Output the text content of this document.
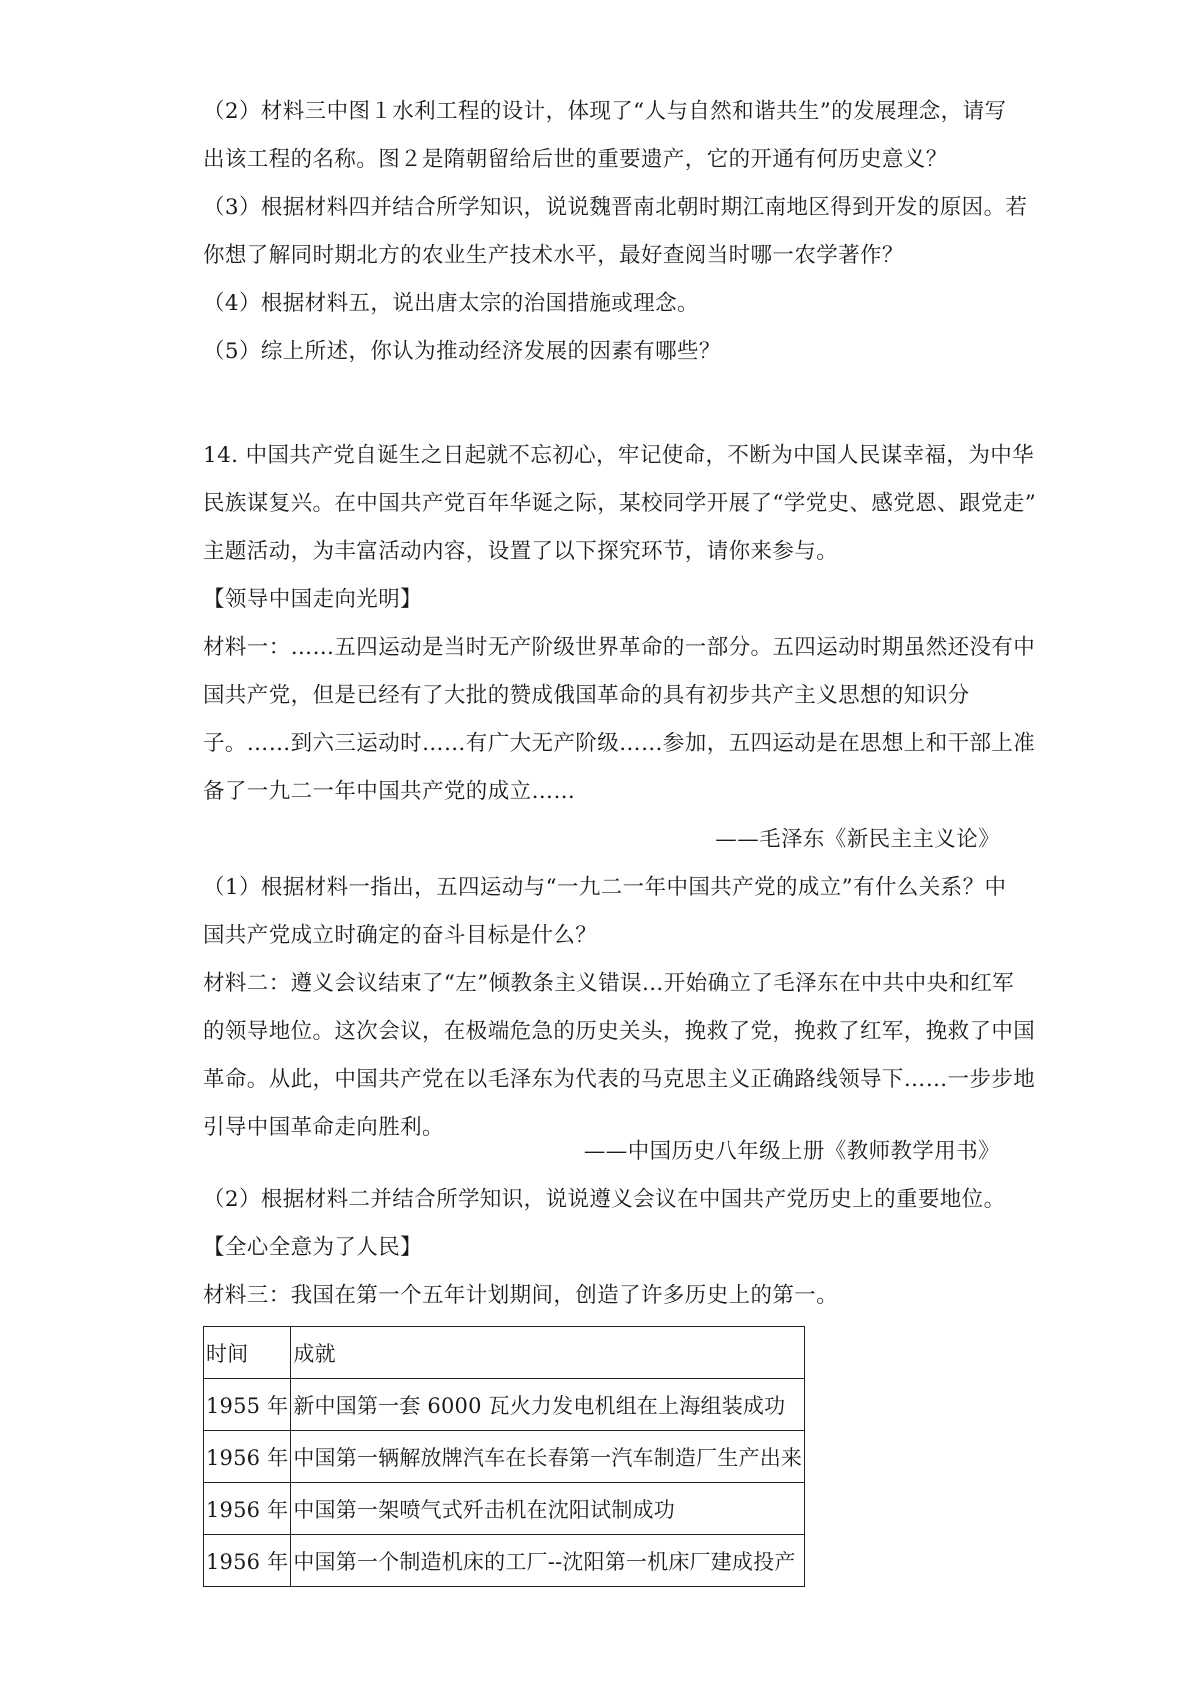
（2）材料三中图１水利工程的设计，体现了“人与自然和谐共生”的发展理念，请写
出该工程的名称。图２是隋朝留给后世的重要遗产，它的开通有何历史意义？
（3）根据材料四并结合所学知识，说说魏晋南北朝时期江南地区得到开发的原因。若
你想了解同时期北方的农业生产技术水平，最好查阅当时哪一农学著作？
（4）根据材料五，说出唐太宗的治国措施或理念。
（5）综上所述，你认为推动经济发展的因素有哪些？
14. 中国共产党自诞生之日起就不忘初心，牢记使命，不断为中国人民谋幸福，为中华
民族谋复兴。在中国共产党百年华诞之际，某校同学开展了“学党史、感党恩、跟党走”
主题活动，为丰富活动内容，设置了以下探究环节，请你来参与。
【领导中国走向光明】
材料一：……五四运动是当时无产阶级世界革命的一部分。五四运动时期虽然还没有中
国共产党，但是已经有了大批的赞成俄国革命的具有初步共产主义思想的知识分
子。……到六三运动时……有广大无产阶级……参加，五四运动是在思想上和干部上准
备了一九二一年中国共产党的成立……
——毛泽东《新民主主义论》
（1）根据材料一指出，五四运动与“一九二一年中国共产党的成立”有什么关系？中
国共产党成立时确定的奋斗目标是什么？
材料二：遵义会议结束了“左”倾教条主义错误…开始确立了毛泽东在中共中央和红军
的领导地位。这次会议，在极端危急的历史关头，挽救了党，挽救了红军，挽救了中国
革命。从此，中国共产党在以毛泽东为代表的马克思主义正确路线领导下……一步步地
引导中国革命走向胜利。
——中国历史八年级上册《教师教学用书》
（2）根据材料二并结合所学知识，说说遵义会议在中国共产党历史上的重要地位。
【全心全意为了人民】
材料三：我国在第一个五年计划期间，创造了许多历史上的第一。
时间	成就
1955 年	新中国第一套 6000 瓦火力发电机组在上海组装成功
1956 年	中国第一辆解放牌汽车在长春第一汽车制造厂生产出来
1956 年	中国第一架喷气式歼击机在沈阳试制成功
1956 年	中国第一个制造机床的工厂--沈阳第一机床厂建成投产
